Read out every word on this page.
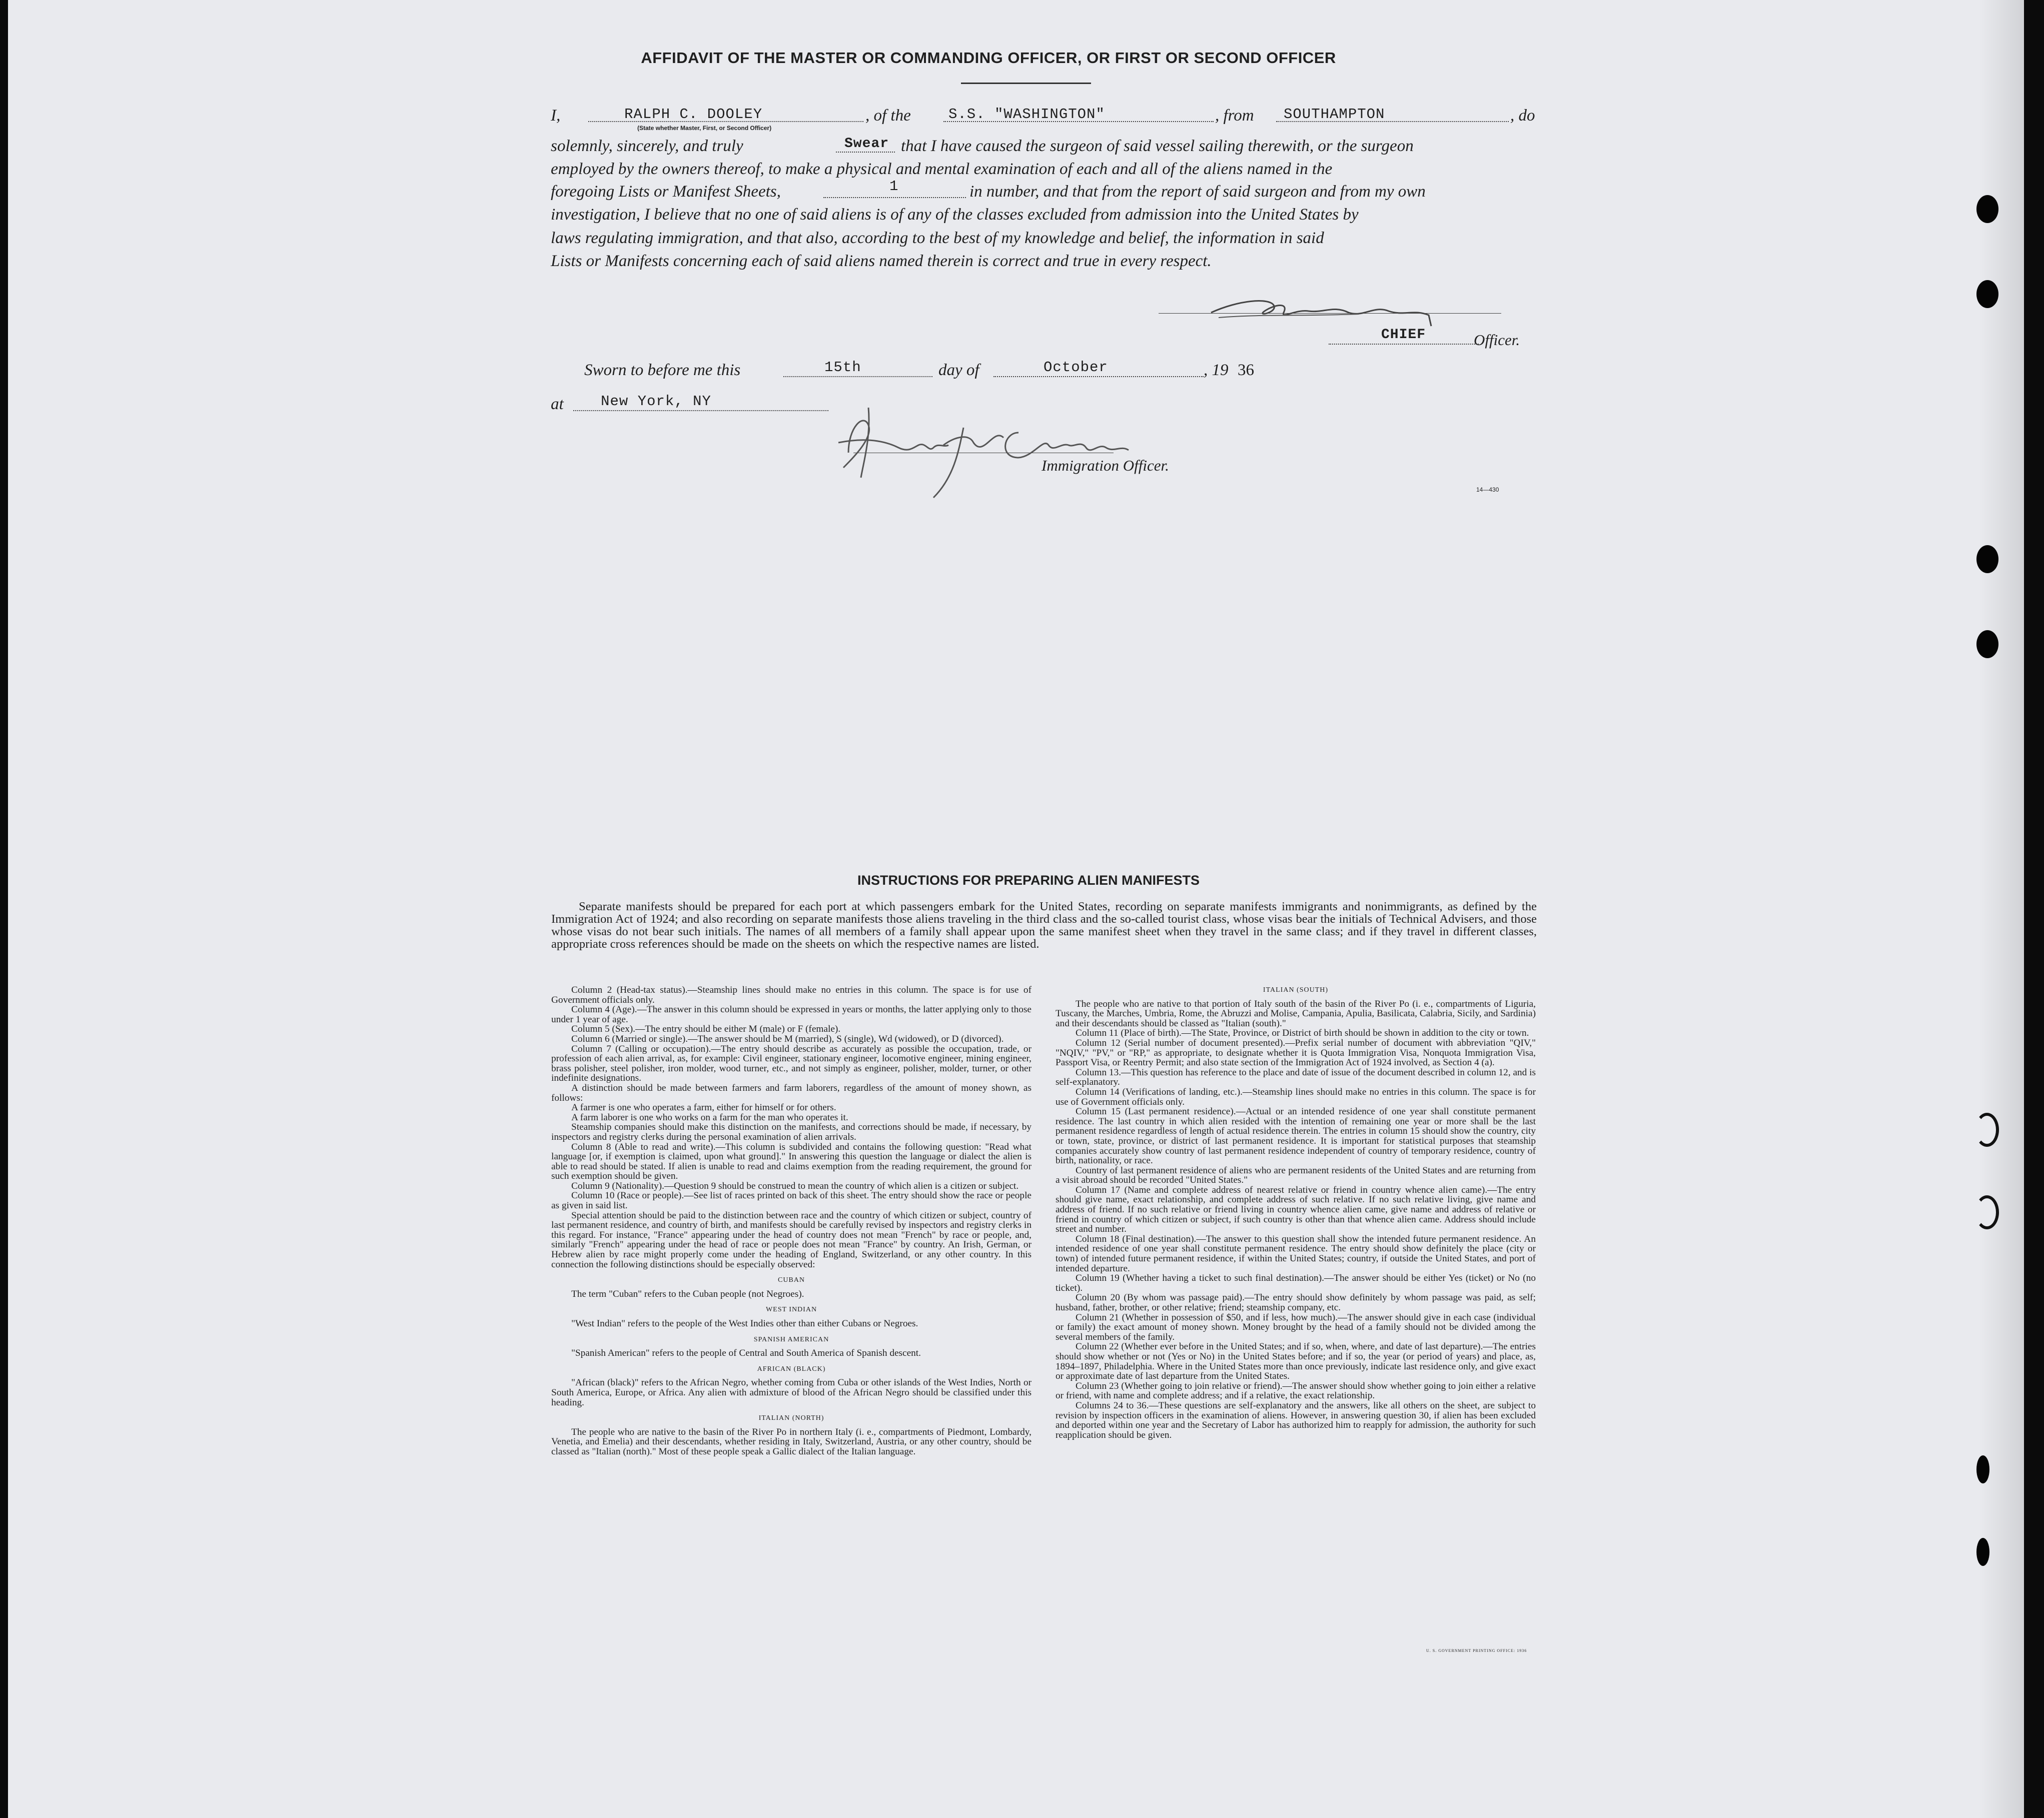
AFFIDAVIT OF THE MASTER OR COMMANDING OFFICER, OR FIRST OR SECOND OFFICER
I,	RALPH C. DOOLEY	, of the	S.S. "WASHINGTON"	, from SOUTHAMPTON	, do
(State whether Master, First, or Second Officer)
solemnly, sincerely, and truly	Swear that I have caused the surgeon of said vessel sailing therewith, or the surgeon
employed by the owners thereof, to make a physical and mental examination of each and all of the aliens named in the
foregoing Lists or Manifest Sheets,	1	in number, and that from the report of said surgeon and from my own
investigation, I believe that no one of said aliens is of any of the classes excluded from admission into the United States by
laws regulating immigration, and that also, according to the best of my knowledge and belief, the information in said
Lists or Manifests concerning each of said aliens named therein is correct and true in every respect.
CHIEF	Officer.
Sworn to before me this	15th	day of	October	, 19 36
at	New York, NY
Immigration Officer.
14—430
INSTRUCTIONS FOR PREPARING ALIEN MANIFESTS
Separate manifests should be prepared for each port at which passengers embark for the United States, recording on separate manifests immigrants and nonimmigrants, as defined by the Immigration Act of 1924; and also recording on separate manifests those aliens traveling in the third class and the so-called tourist class, whose visas bear the initials of Technical Advisers, and those whose visas do not bear such initials. The names of all members of a family shall appear upon the same manifest sheet when they travel in the same class; and if they travel in different classes, appropriate cross references should be made on the sheets on which the respective names are listed.

Column 2 (Head-tax status).—Steamship lines should make no entries in this column. The space is for use of Government officials only.

Column 4 (Age).—The answer in this column should be expressed in years or months, the latter applying only to those under 1 year of age.

Column 5 (Sex).—The entry should be either M (male) or F (female).

Column 6 (Married or single).—The answer should be M (married), S (single), Wd (widowed), or D (divorced).

Column 7 (Calling or occupation).—The entry should describe as accurately as possible the occupation, trade, or profession of each alien arrival, as, for example: Civil engineer, stationary engineer, locomotive engineer, mining engineer, brass polisher, steel polisher, iron molder, wood turner, etc., and not simply as engineer, polisher, molder, turner, or other indefinite designations.

A distinction should be made between farmers and farm laborers, regardless of the amount of money shown, as follows:

A farmer is one who operates a farm, either for himself or for others.

A farm laborer is one who works on a farm for the man who operates it.

Steamship companies should make this distinction on the manifests, and corrections should be made, if necessary, by inspectors and registry clerks during the personal examination of alien arrivals.

Column 8 (Able to read and write).—This column is subdivided and contains the following question: "Read what language [or, if exemption is claimed, upon what ground]." In answering this question the language or dialect the alien is able to read should be stated. If alien is unable to read and claims exemption from the reading requirement, the ground for such exemption should be given.

Column 9 (Nationality).—Question 9 should be construed to mean the country of which alien is a citizen or subject.

Column 10 (Race or people).—See list of races printed on back of this sheet. The entry should show the race or people as given in said list.

Special attention should be paid to the distinction between race and the country of which citizen or subject, country of last permanent residence, and country of birth, and manifests should be carefully revised by inspectors and registry clerks in this regard. For instance, "France" appearing under the head of country does not mean "French" by race or people, and, similarly "French" appearing under the head of race or people does not mean "France" by country. An Irish, German, or Hebrew alien by race might properly come under the heading of England, Switzerland, or any other country. In this connection the following distinctions should be especially observed:

CUBAN

The term "Cuban" refers to the Cuban people (not Negroes).

WEST INDIAN

"West Indian" refers to the people of the West Indies other than either Cubans or Negroes.

SPANISH AMERICAN

"Spanish American" refers to the people of Central and South America of Spanish descent.

AFRICAN (BLACK)

"African (black)" refers to the African Negro, whether coming from Cuba or other islands of the West Indies, North or South America, Europe, or Africa. Any alien with admixture of blood of the African Negro should be classified under this heading.

ITALIAN (NORTH)

The people who are native to the basin of the River Po in northern Italy (i. e., compartments of Piedmont, Lombardy, Venetia, and Emelia) and their descendants, whether residing in Italy, Switzerland, Austria, or any other country, should be classed as "Italian (north)." Most of these people speak a Gallic dialect of the Italian language.

ITALIAN (SOUTH)

The people who are native to that portion of Italy south of the basin of the River Po (i. e., compartments of Liguria, Tuscany, the Marches, Umbria, Rome, the Abruzzi and Molise, Campania, Apulia, Basilicata, Calabria, Sicily, and Sardinia) and their descendants should be classed as "Italian (south)."

Column 11 (Place of birth).—The State, Province, or District of birth should be shown in addition to the city or town.

Column 12 (Serial number of document presented).—Prefix serial number of document with abbreviation "QIV," "NQIV," "PV," or "RP," as appropriate, to designate whether it is Quota Immigration Visa, Nonquota Immigration Visa, Passport Visa, or Reentry Permit; and also state section of the Immigration Act of 1924 involved, as Section 4 (a).

Column 13.—This question has reference to the place and date of issue of the document described in column 12, and is self-explanatory.

Column 14 (Verifications of landing, etc.).—Steamship lines should make no entries in this column. The space is for use of Government officials only.

Column 15 (Last permanent residence).—Actual or an intended residence of one year shall constitute permanent residence. The last country in which alien resided with the intention of remaining one year or more shall be the last permanent residence regardless of length of actual residence therein. The entries in column 15 should show the country, city or town, state, province, or district of last permanent residence. It is important for statistical purposes that steamship companies accurately show country of last permanent residence independent of country of temporary residence, country of birth, nationality, or race.

Country of last permanent residence of aliens who are permanent residents of the United States and are returning from a visit abroad should be recorded "United States."

Column 17 (Name and complete address of nearest relative or friend in country whence alien came).—The entry should give name, exact relationship, and complete address of such relative. If no such relative living, give name and address of friend. If no such relative or friend living in country whence alien came, give name and address of relative or friend in country of which citizen or subject, if such country is other than that whence alien came. Address should include street and number.

Column 18 (Final destination).—The answer to this question shall show the intended future permanent residence. An intended residence of one year shall constitute permanent residence. The entry should show definitely the place (city or town) of intended future permanent residence, if within the United States; country, if outside the United States, and port of intended departure.

Column 19 (Whether having a ticket to such final destination).—The answer should be either Yes (ticket) or No (no ticket).

Column 20 (By whom was passage paid).—The entry should show definitely by whom passage was paid, as self; husband, father, brother, or other relative; friend; steamship company, etc.

Column 21 (Whether in possession of $50, and if less, how much).—The answer should give in each case (individual or family) the exact amount of money shown. Money brought by the head of a family should not be divided among the several members of the family.

Column 22 (Whether ever before in the United States; and if so, when, where, and date of last departure).—The entries should show whether or not (Yes or No) in the United States before; and if so, the year (or period of years) and place, as, 1894–1897, Philadelphia. Where in the United States more than once previously, indicate last residence only, and give exact or approximate date of last departure from the United States.

Column 23 (Whether going to join relative or friend).—The answer should show whether going to join either a relative or friend, with name and complete address; and if a relative, the exact relationship.

Columns 24 to 36.—These questions are self-explanatory and the answers, like all others on the sheet, are subject to revision by inspection officers in the examination of aliens. However, in answering question 30, if alien has been excluded and deported within one year and the Secretary of Labor has authorized him to reapply for admission, the authority for such reapplication should be given.

U. S. GOVERNMENT PRINTING OFFICE: 1936
